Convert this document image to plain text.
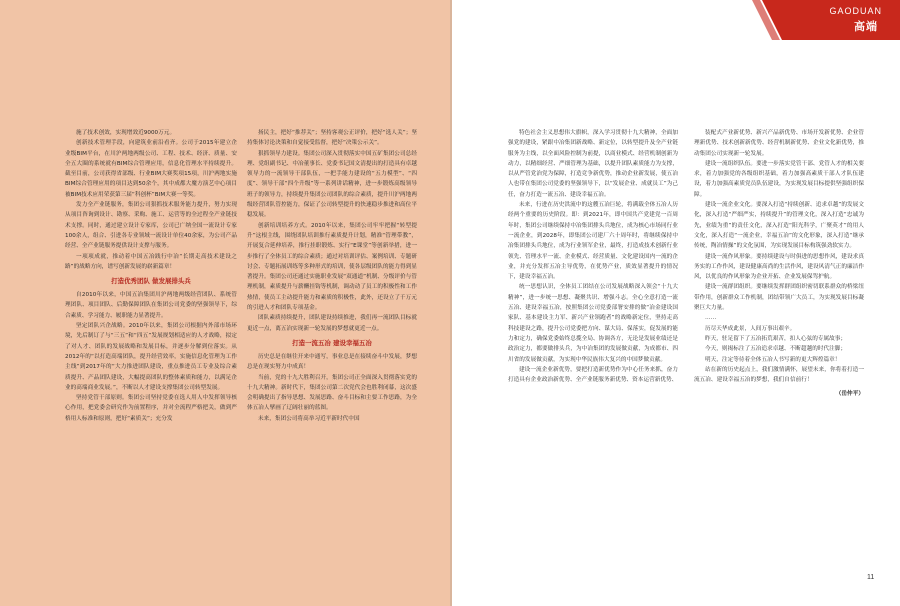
施了技术创效，实现增效近9000万元。

创新技术管理手段，向建筑业前沿看齐。公司于2015年建立企业级BIM平台，在川沪两地两级公司、工程、技术、经济、质量、安全五大圈的系统就有BIM综合管理应用，信息化管理水平持续提升。截至目前，公司获得省部级、行业BIM大赛奖项15项，川沪两地实施BIM综合管理应用的项目达到50余个，其中成都大魔方演艺中心项目被BIM技术应用荣获第三届“科创杯”BIM大赛一等奖。

发力全产业链服务，集团公司狠抓技术服务能力提升，努力实现从项目咨询到设计、勘察、采购、施工、运营等的全过程全产业链技术支撑。同时，通过建立设计专家库，公司已广纳全国一流设计专家100余人，组合、引进各专业领域一流设计单位40余家，为公司产品经营、全产业链服务提供设计支撑与服务。

一项项成就，推动着中国五冶践行中冶“长期走高技术建设之路”的战略方向，谱写创新发展的崭新篇章！

打造优秀团队 做发展排头兵

自2010年以来，中国五冶集团川沪两地两级经营团队、系统管理团队、项目团队、后勤保障团队在集团公司党委的坚强领导下，综合素质、学习能力、履职能力显著提升。

坚定团队兴企战略。2010年以来，集团公司根据内外部市场环境，先后制订了与“三五”和“四五”发展规划相适应的人才战略，拟定了对人才、团队的发展战略和发展目标，并逐步分解到位落实。从2012年的“以打造高端团队，提升经营效率，实施信息化管理为工作主线”到2017年的“大力推进团队建设，重点推进员工专业及综合素质提升、产品团队建设，大幅提高团队的整体素质和能力，以满足企业的高端商业发展。”，不断以人才建设支撑集团公司转型发展。

坚持党管干部原则。集团公司坚持党委在选人用人中发挥领导核心作用，把党委会研究作为前置程序，并对全流程严格把关，做到严格用人标准和原则，把好“素质关”；充分发

扬民主，把好“推荐关”；坚持客观公正评价，把好“选人关”；坚持集体讨论决策和自觉接受监督，把好“决策公示关”。

狠抓领导力建设。集团公司深入贯彻落实中国五矿集团公司总经理、党组副书记、中冶董事长、党委书记国文清提出的打造具有卓越领导力的一流领导干部队伍，一把手能力建设的“五力模型”、“四度”、领导干部“四个升级”等一系列讲话精神，进一步锻炼高级领导班子的领导力，持续提升集团公司团队的综合素质，提升川沪两地两级经营团队管控能力，保证了公司转型提升的快速稳步推进和高位平稳发展。

创新培训培养方式。2010年以来，集团公司牢牢把握“转型提升”这根主线，围绕团队培训推行素质提升计划，精准“管理带教”，开展复合延伸培养，推行挂职锻炼、实行“E课堂”等创新举措，进一步推行了全体员工的综合素质；通过对培训评估、案例培训、专题研讨会、专题拓展训练等多种形式的培训，使各层级团队的能力得到显著提升。集团公司还通过实施职业发展“双通道”机制、分级评价与管理机制，素质提升与薪酬挂钩等机制，调动动了员工的积极性和工作热情，使员工主动提升能力和素质的积极性，此外，还设立了千万元的引进人才和团队专项基金。

团队素质持续提升，团队建设持续推进，我们再一流团队目标就更近一点，离五冶实现新一轮发展的梦想就更近一点。

打造一流五冶 建设幸福五冶

历史总是在继往开来中通写，事业总是在接续奋斗中发展，梦想总是在现实努力中成真！

当前，党的十九大胜利召开，集团公司正全面深入贯彻落实党的十九大精神。新时代下，集团公司第二次党代会也胜利闭幕，这次盛会明确提出了指导思想、发展思路、奋斗目标和主要工作思路，为全体五冶人擘画了辽阔壮丽的蓝图。

未来，集团公司将高举习近平新时代中国

特色社会主义思想伟大旗帜，深入学习贯彻十九大精神，全面加强党的建设，紧跟中冶集团新战略、新定位，以转型提升及全产业链服务为主线，以全面风险控制为前提，以商业模式、经营机制创新为动力，以精细经营、严细管理为基础，以提升团队素质能力为支撑，以从严管党治党为保障，打造竞争新优势，推动企业新发展，使五冶人也带在集团公司党委的坚强领导下，以“发展企业、成就员工”为己任，奋力打造一流五冶、建设幸福五冶。

未来，行进在历史洪流中的这艘五冶巨轮，将满载全体五冶人历经两个重要的历史阶段。即：到2021年，即中国共产党建党一百周年时，集团公司继续保持中冶集团排头兵地位，成为核心市场同行业一流企业，到2028年，即集团公司建厂六十周年时，将继续保持中冶集团排头兵地位，成为行业领军企业，最终，打造成技术创新行业领先、管理水平一流、企业模式、经营质量、文化建设国内一流的企业，并充分发挥五冶主导优势，在优势产业，质效显著提升的情况下，建设幸福五冶。

统一思想认识，全体员工团结在公司发展战略深入领会“十九大精神”，进一步统一思想、凝聚共识、增强斗志。全心全意打造一流五冶、建设幸福五冶，按照集团公司党委部署安排的做“冶金建设国家队、基本建设主力军、新兴产业领跑者”的战略新定位，坚持走高科技建设之路，提升公司党委把方向、谋大局、保落实，促发展的能力和定力，确保党委始终总揽全局、协调各方，无论是发展业绩还是政治定力，都要做排头兵，为中冶集团的发展做贡献，为成都市、四川省的发展做贡献，为实现中华民族伟大复兴的中国梦做贡献。

建设一流企业新优势，要把打造新优势作为中心任务来抓，奋力打造具有企业政治新优势、全产业链服务新优势、资本运营新优势、

装配式产业新优势、新兴产品新优势、市场开发新优势、企业管理新优势、技术创新新优势、经营机制新优势、企业文化新优势，推动集团公司实现新一轮发展。

建设一流组织队伍。要进一步落实党管干部、党管人才的相关要求，着力加强党的各级组织基础，着力加强高素质干部人才队伍建设，着力加强高素质党员队伍建设，为实现发展目标提供坚强组织保障。

建设一流企业文化。要深入打造“持续创新、追求卓越”的发展文化，深入打造“严细严实，持续提升”的管理文化，深入打造“忠诚为先，业绩为重”的责任文化，深入打造“阳光科学，广聚英才”的用人文化，深入打造“一流企业，幸福五冶”的文化形象，深入打造“继承传统，陶冶情操”的文化氛围，为实现发展目标构筑强劲软实力。

建设一流作风形象。要持续建设与时俱进的思想作风，建设求真务实的工作作风，建设健康高尚的生活作风，建设风清气正的廉洁作风，以优良的作风形象为企业开拓、企业发展保驾护航。

建设一流群团组织。要继续发挥群团组织密切联系群众的桥梁纽带作用，创新群众工作机制，团结带领广大员工，为实现发展目标凝聚巨大力量。

……

历尽天华成此景，人间万事出艰辛。

昨天，驻足留下了五冶拓荒艰苦，扣人心弦的专属故事；

今天，则揭标注了五冶追求卓越、不断超越的时代注脚；

明天，注定等待着全体五冶人书写新的更大辉煌篇章！

站在新的历史起点上，我们激情满怀，展望未来，你将着打造一流五冶、建设幸福五冶的梦想，我们自信前行！

（岳仲平）
GAODUAN
高端
11
